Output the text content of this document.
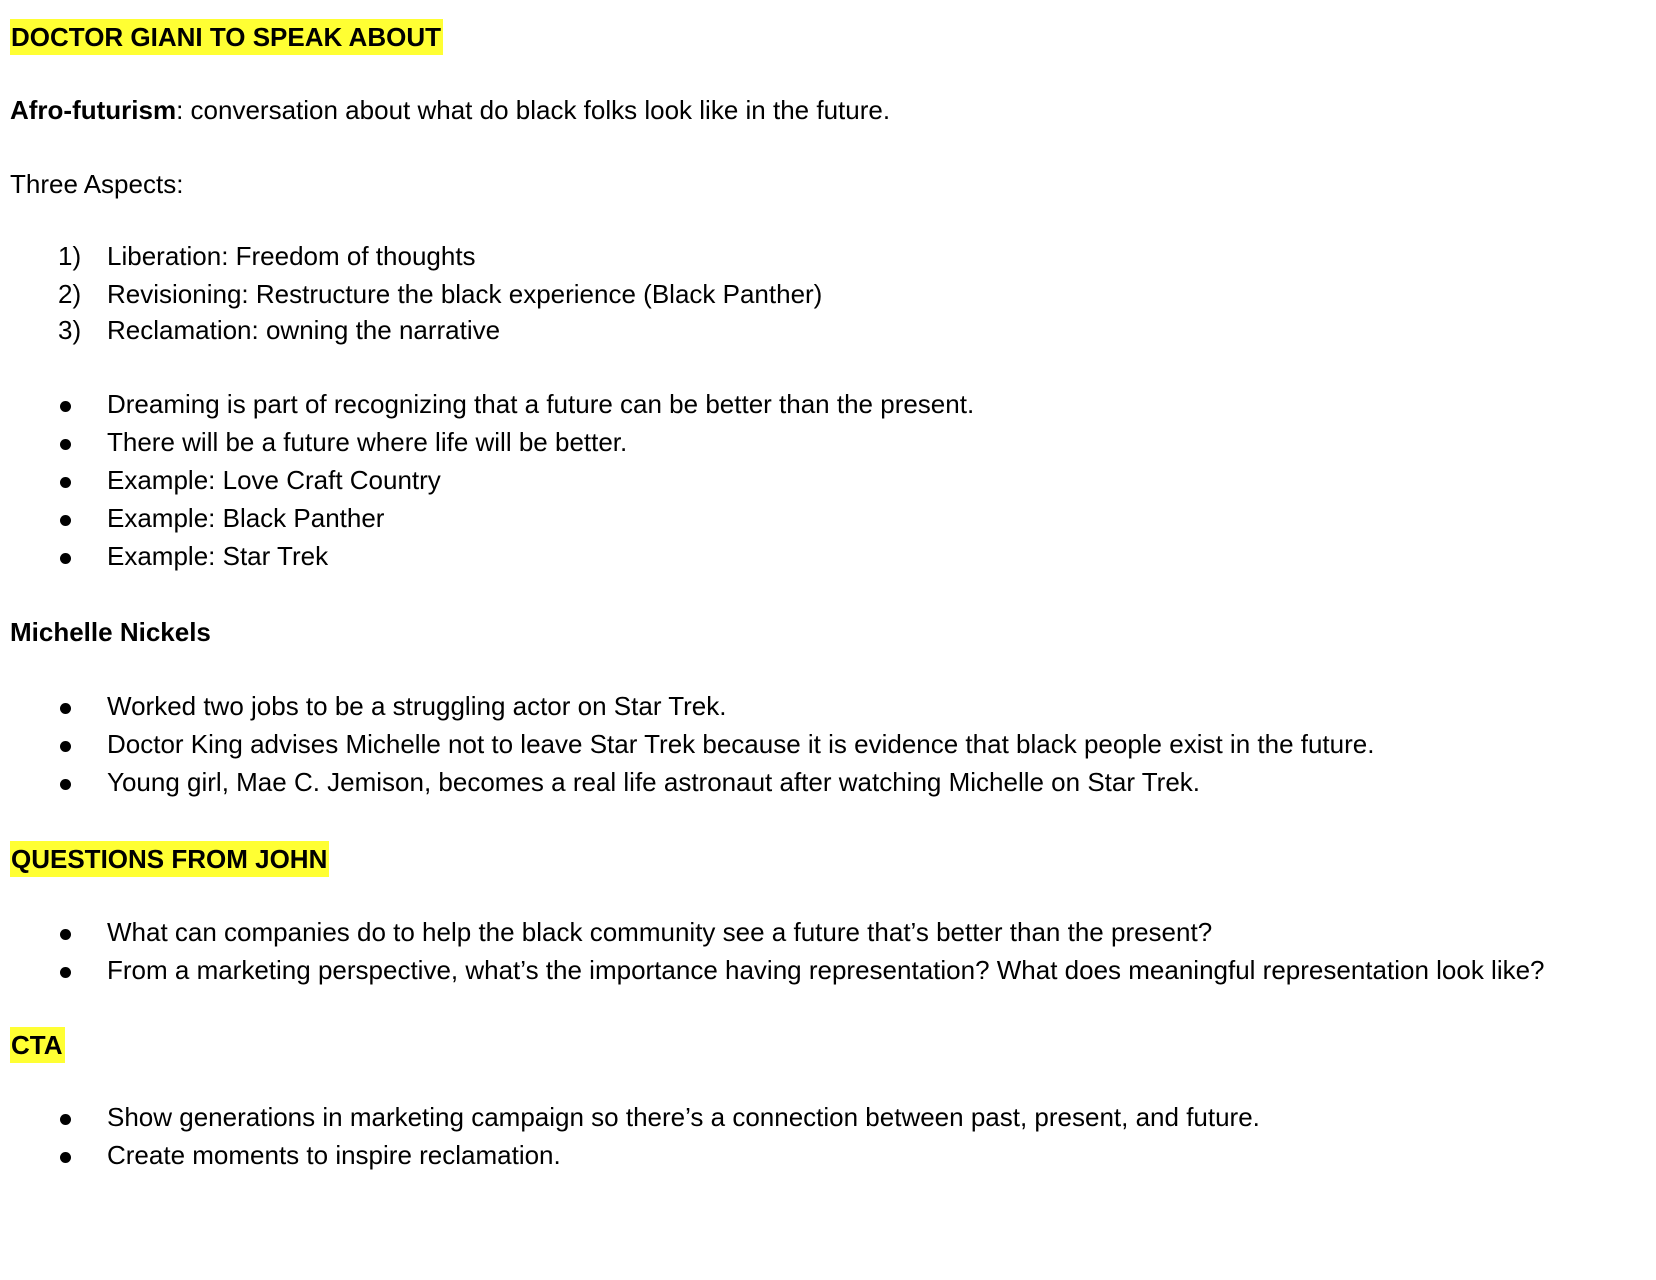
DOCTOR GIANI TO SPEAK ABOUT
Afro-futurism: conversation about what do black folks look like in the future.
Three Aspects:
1) Liberation: Freedom of thoughts
2) Revisioning: Restructure the black experience (Black Panther)
3) Reclamation: owning the narrative
Dreaming is part of recognizing that a future can be better than the present.
There will be a future where life will be better.
Example: Love Craft Country
Example: Black Panther
Example: Star Trek
Michelle Nickels
Worked two jobs to be a struggling actor on Star Trek.
Doctor King advises Michelle not to leave Star Trek because it is evidence that black people exist in the future.
Young girl, Mae C. Jemison, becomes a real life astronaut after watching Michelle on Star Trek.
QUESTIONS FROM JOHN
What can companies do to help the black community see a future that’s better than the present?
From a marketing perspective, what’s the importance having representation? What does meaningful representation look like?
CTA
Show generations in marketing campaign so there’s a connection between past, present, and future.
Create moments to inspire reclamation.
